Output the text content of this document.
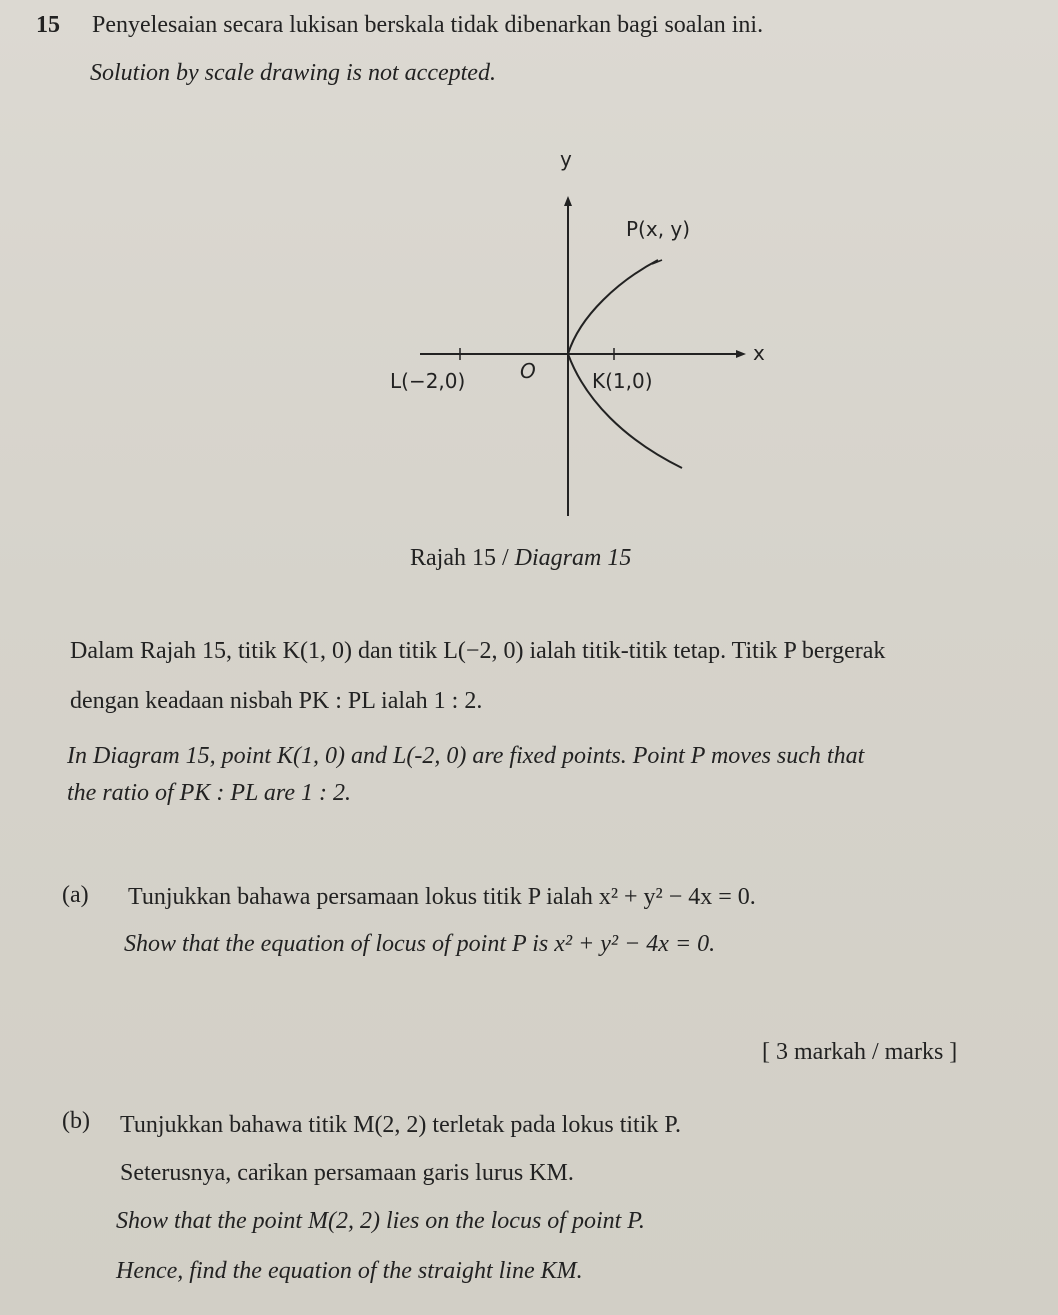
15 Penyelesaian secara lukisan berskala tidak dibenarkan bagi soalan ini.
Solution by scale drawing is not accepted.
y
x
O
P(x, y)
L(−2,0)	K(1,0)
Rajah 15 / Diagram 15
Dalam Rajah 15, titik K(1, 0) dan titik L(−2, 0) ialah titik-titik tetap. Titik P bergerak
dengan keadaan nisbah PK : PL ialah 1 : 2.
In Diagram 15, point K(1, 0) and L(-2, 0) are fixed points. Point P moves such that
the ratio of PK : PL are 1 : 2.
(a) Tunjukkan bahawa persamaan lokus titik P ialah x² + y² − 4x = 0.
Show that the equation of locus of point P is x² + y² − 4x = 0.
[ 3 markah / marks ]
(b) Tunjukkan bahawa titik M(2, 2) terletak pada lokus titik P.
Seterusnya, carikan persamaan garis lurus KM.
Show that the point M(2, 2) lies on the locus of point P.
Hence, find the equation of the straight line KM.
